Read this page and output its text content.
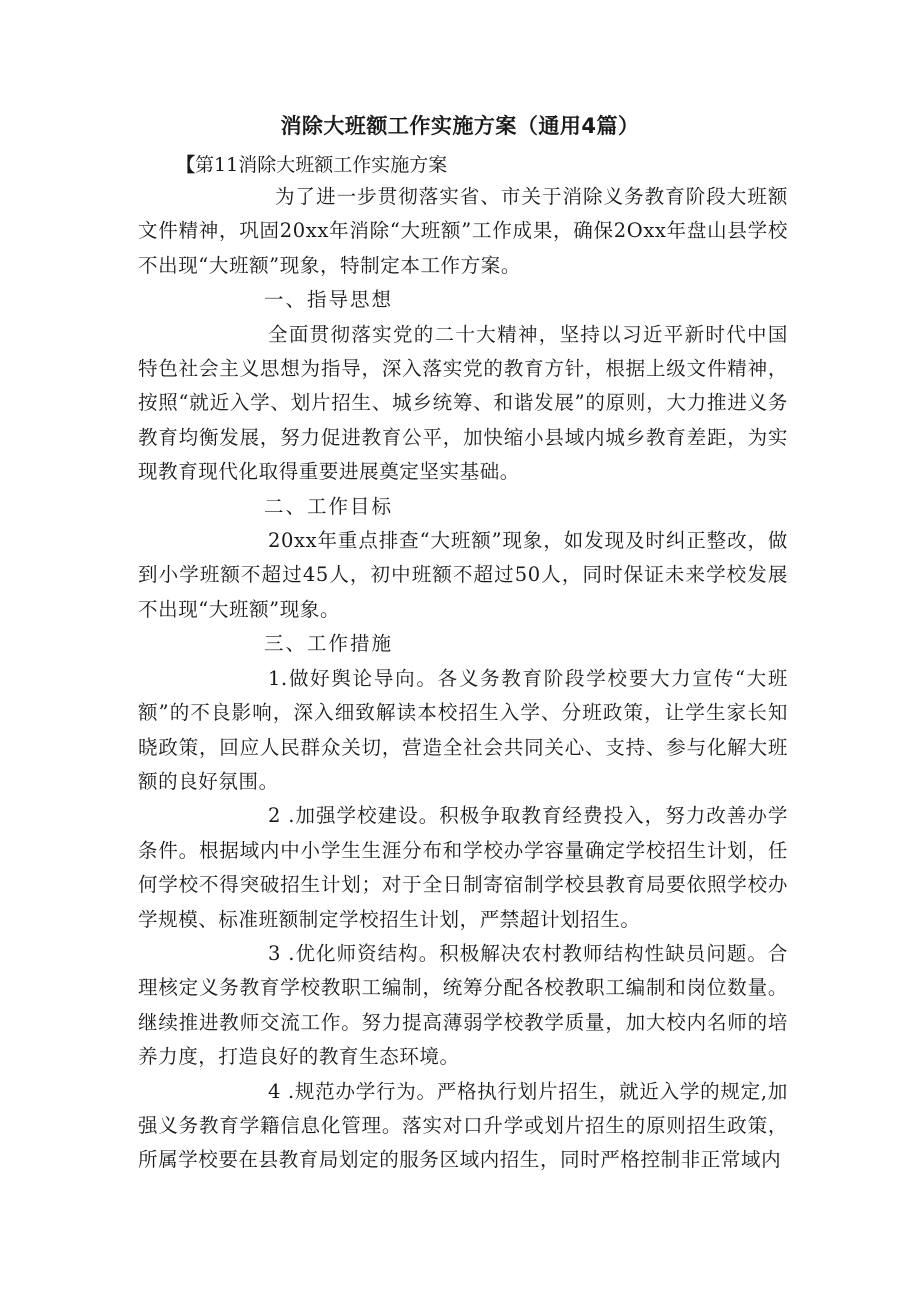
消除大班额工作实施方案（通用4篇）
【第11消除大班额工作实施方案

为了进一步贯彻落实省、市关于消除义务教育阶段大班额文件精神，巩固20xx年消除“大班额”工作成果，确保2Oxx年盘山县学校不出现“大班额”现象，特制定本工作方案。

一、指导思想

全面贯彻落实党的二十大精神，坚持以习近平新时代中国特色社会主义思想为指导，深入落实党的教育方针，根据上级文件精神，按照“就近入学、划片招生、城乡统筹、和谐发展”的原则，大力推进义务教育均衡发展，努力促进教育公平，加快缩小县域内城乡教育差距，为实现教育现代化取得重要进展奠定坚实基础。

二、工作目标

20xx年重点排查“大班额”现象，如发现及时纠正整改，做到小学班额不超过45人，初中班额不超过50人，同时保证未来学校发展不出现“大班额”现象。

三、工作措施

1.做好舆论导向。各义务教育阶段学校要大力宣传“大班额”的不良影响，深入细致解读本校招生入学、分班政策，让学生家长知晓政策，回应人民群众关切，营造全社会共同关心、支持、参与化解大班额的良好氛围。

2 .加强学校建设。积极争取教育经费投入，努力改善办学条件。根据域内中小学生生涯分布和学校办学容量确定学校招生计划，任何学校不得突破招生计划；对于全日制寄宿制学校县教育局要依照学校办学规模、标准班额制定学校招生计划，严禁超计划招生。

3 .优化师资结构。积极解决农村教师结构性缺员问题。合理核定义务教育学校教职工编制，统筹分配各校教职工编制和岗位数量。继续推进教师交流工作。努力提高薄弱学校教学质量，加大校内名师的培养力度，打造良好的教育生态环境。

4 .规范办学行为。严格执行划片招生，就近入学的规定,加强义务教育学籍信息化管理。落实对口升学或划片招生的原则招生政策，所属学校要在县教育局划定的服务区域内招生，同时严格控制非正常域内
